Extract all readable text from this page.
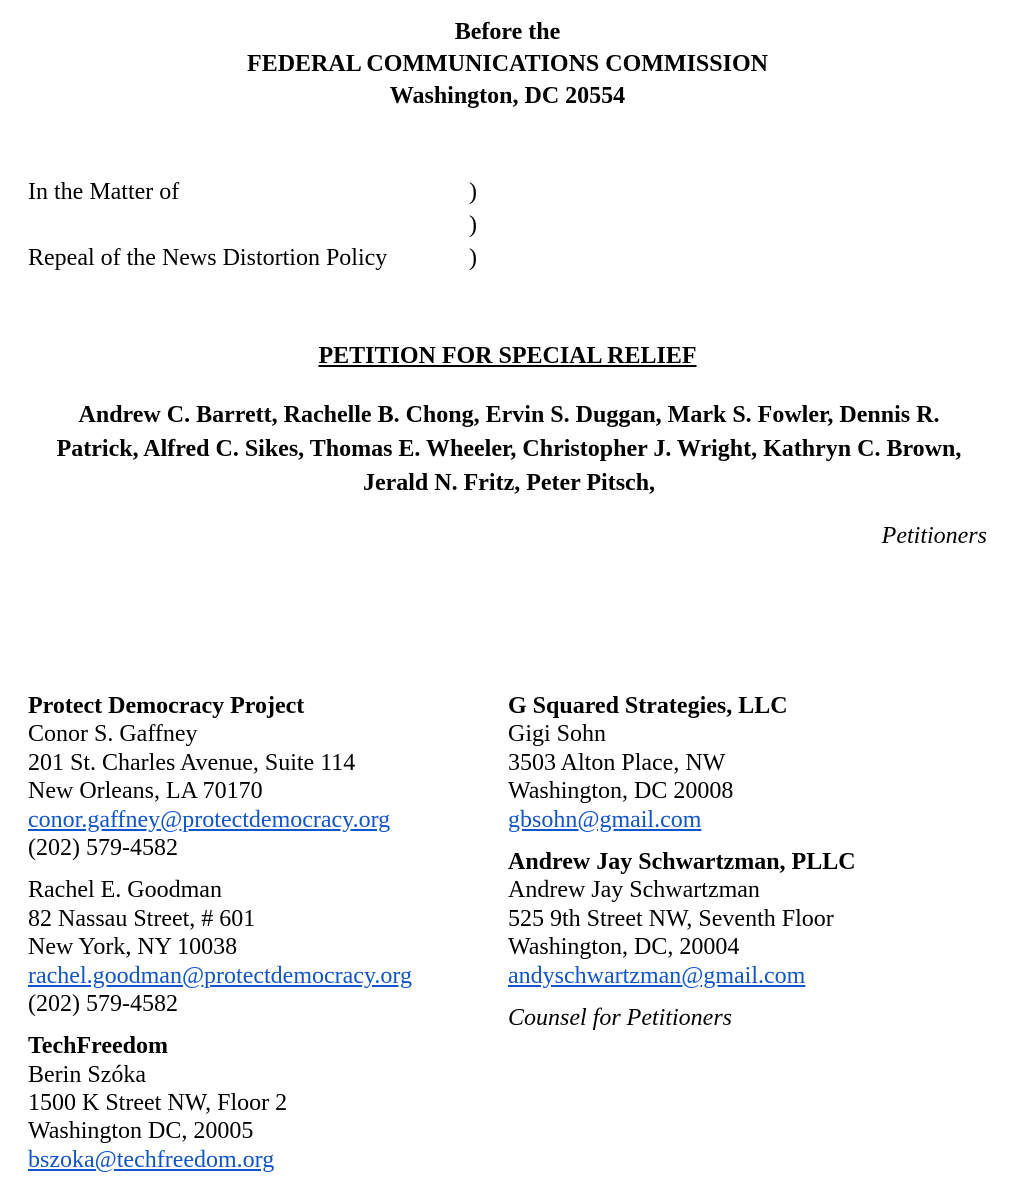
Before the
FEDERAL COMMUNICATIONS COMMISSION
Washington, DC 20554
In the Matter of
Repeal of the News Distortion Policy
)
)
)
PETITION FOR SPECIAL RELIEF
Andrew C. Barrett, Rachelle B. Chong, Ervin S. Duggan, Mark S. Fowler, Dennis R.
Patrick, Alfred C. Sikes, Thomas E. Wheeler, Christopher J. Wright, Kathryn C. Brown,
Jerald N. Fritz, Peter Pitsch,
Petitioners
Protect Democracy Project
Conor S. Gaffney
201 St. Charles Avenue, Suite 114
New Orleans, LA 70170
conor.gaffney@protectdemocracy.org
(202) 579-4582
Rachel E. Goodman
82 Nassau Street, # 601
New York, NY 10038
rachel.goodman@protectdemocracy.org
(202) 579-4582
TechFreedom
Berin Szóka
1500 K Street NW, Floor 2
Washington DC, 20005
bszoka@techfreedom.org
G Squared Strategies, LLC
Gigi Sohn
3503 Alton Place, NW
Washington, DC 20008
gbsohn@gmail.com
Andrew Jay Schwartzman, PLLC
Andrew Jay Schwartzman
525 9th Street NW, Seventh Floor
Washington, DC, 20004
andyschwartzman@gmail.com
Counsel for Petitioners
